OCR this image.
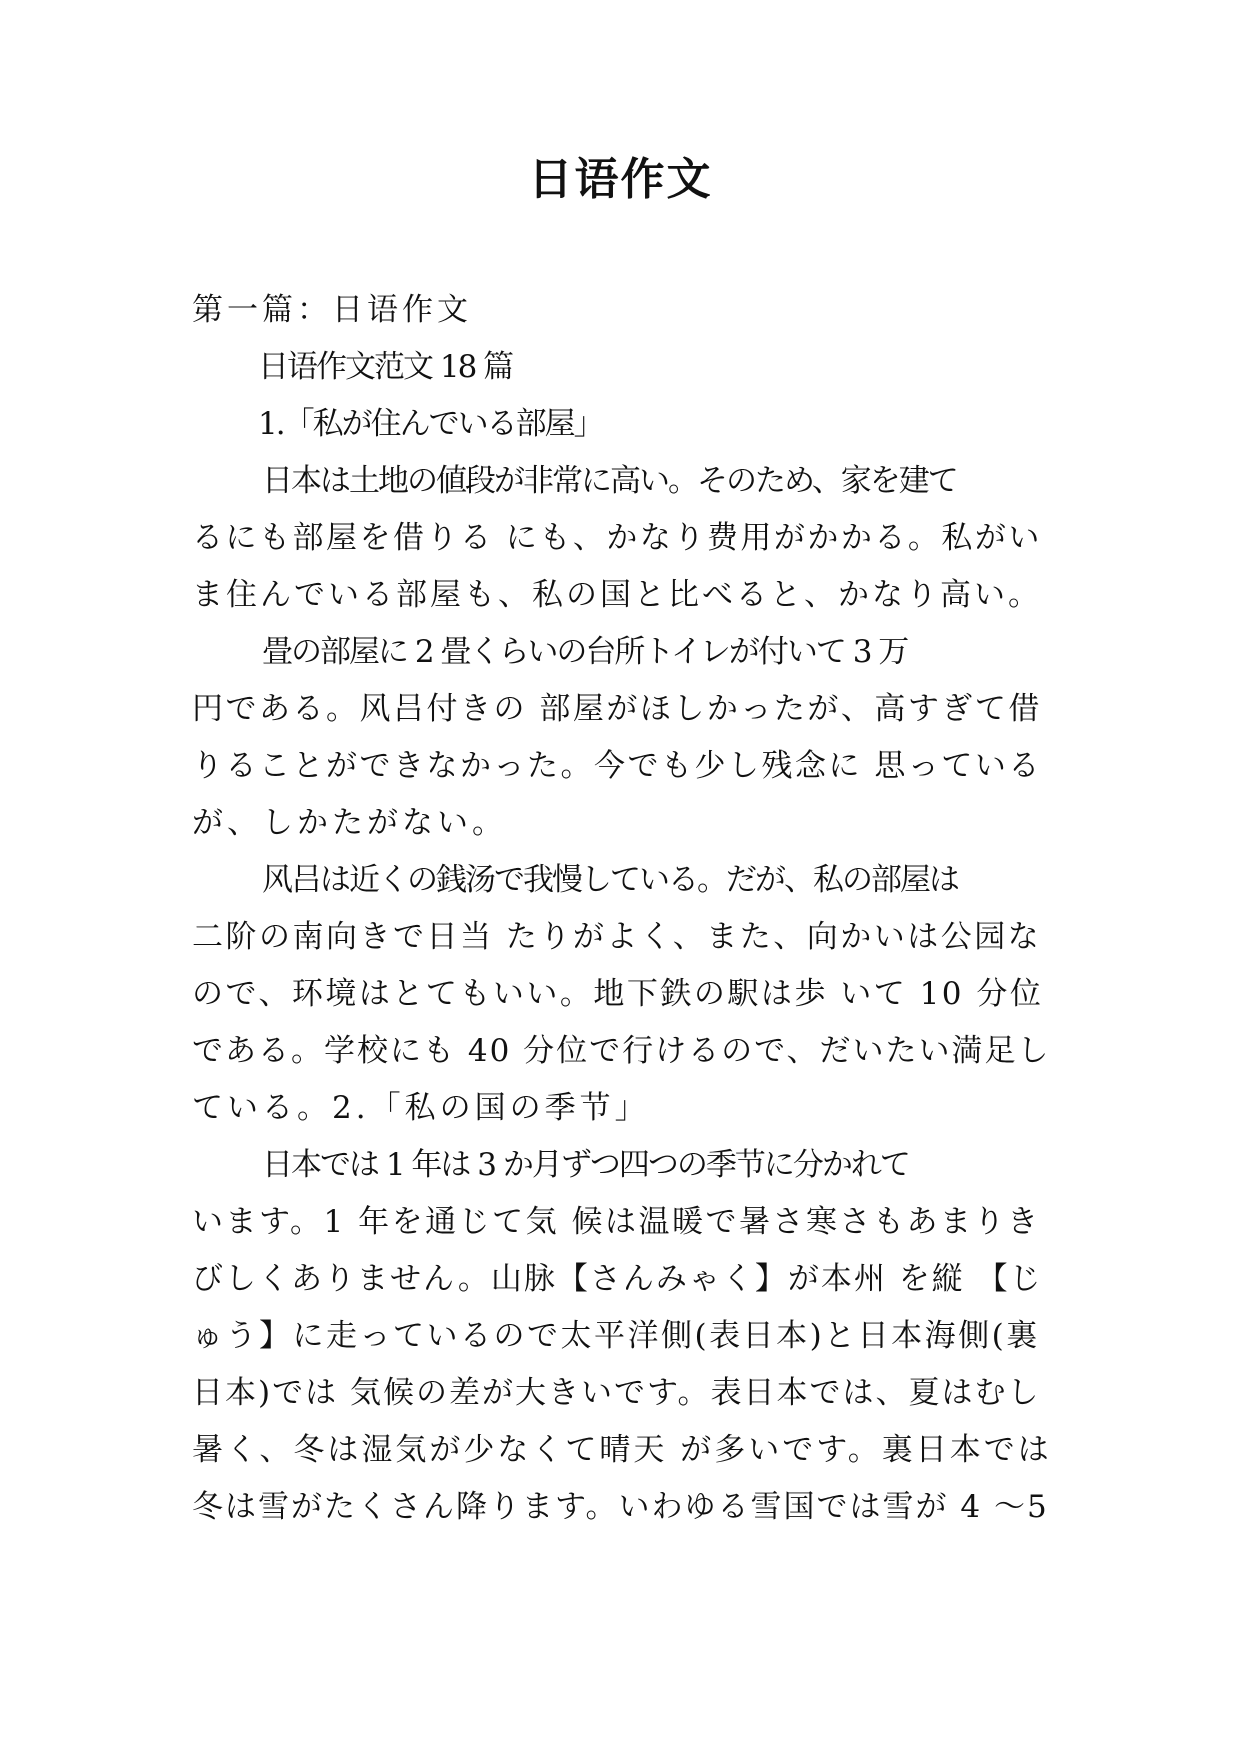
日语作文
第一篇：日语作文
日语作文范文 18 篇
1.「私が住んでいる部屋」
日本は土地の値段が非常に高い。そのため、家を建て
るにも部屋を借りる にも、かなり费用がかかる。私がい
ま住んでいる部屋も、私の国と比べると、かなり高い。
畳の部屋に 2 畳くらいの台所トイレが付いて 3 万
円である。风吕付きの 部屋がほしかったが、高すぎて借
りることができなかった。今でも少し残念に 思っている
が、しかたがない。
风吕は近くの銭汤で我慢している。だが、私の部屋は
二阶の南向きで日当 たりがよく、また、向かいは公园な
ので、环境はとてもいい。地下鉄の駅は歩 いて 10 分位
である。学校にも 40 分位で行けるので、だいたい満足し
ている。2.「私の国の季节」
日本では 1 年は 3 か月ずつ四つの季节に分かれて
います。1 年を通じて気 候は温暖で暑さ寒さもあまりき
びしくありません。山脉【さんみゃく】が本州 を縦 【じ
ゅう】に走っているので太平洋側(表日本)と日本海側(裏
日本)では 気候の差が大きいです。表日本では、夏はむし
暑く、冬は湿気が少なくて晴天 が多いです。裏日本では
冬は雪がたくさん降ります。いわゆる雪国では雪が 4 ～5
